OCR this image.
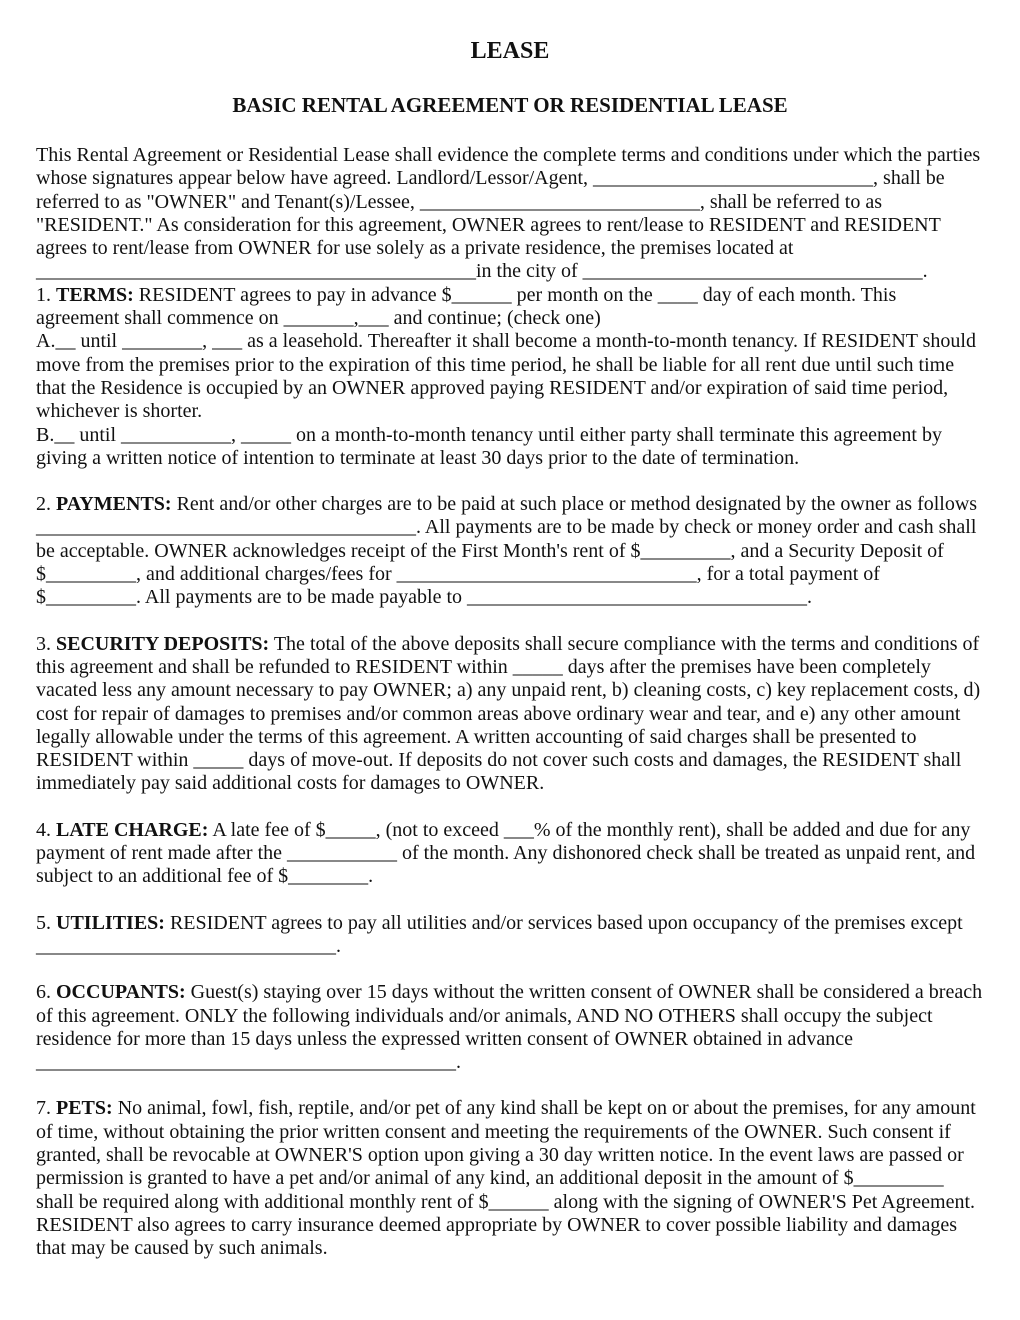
LEASE
BASIC RENTAL AGREEMENT OR RESIDENTIAL LEASE

This Rental Agreement or Residential Lease shall evidence the complete terms and conditions under which the parties whose signatures appear below have agreed. Landlord/Lessor/Agent, ____________________________, shall be referred to as "OWNER" and Tenant(s)/Lessee, ____________________________, shall be referred to as "RESIDENT." As consideration for this agreement, OWNER agrees to rent/lease to RESIDENT and RESIDENT agrees to rent/lease from OWNER for use solely as a private residence, the premises located at ____________________________________________in the city of __________________________________.

1. TERMS: RESIDENT agrees to pay in advance $______ per month on the ____ day of each month. This agreement shall commence on _______,___ and continue; (check one)

A.__ until ________, ___ as a leasehold. Thereafter it shall become a month-to-month tenancy. If RESIDENT should move from the premises prior to the expiration of this time period, he shall be liable for all rent due until such time that the Residence is occupied by an OWNER approved paying RESIDENT and/or expiration of said time period, whichever is shorter.

B.__ until ___________, _____ on a month-to-month tenancy until either party shall terminate this agreement by giving a written notice of intention to terminate at least 30 days prior to the date of termination.

2. PAYMENTS: Rent and/or other charges are to be paid at such place or method designated by the owner as follows ______________________________________. All payments are to be made by check or money order and cash shall be acceptable. OWNER acknowledges receipt of the First Month's rent of $_________, and a Security Deposit of $_________, and additional charges/fees for ______________________________, for a total payment of $_________. All payments are to be made payable to __________________________________.

3. SECURITY DEPOSITS: The total of the above deposits shall secure compliance with the terms and conditions of this agreement and shall be refunded to RESIDENT within _____ days after the premises have been completely vacated less any amount necessary to pay OWNER; a) any unpaid rent, b) cleaning costs, c) key replacement costs, d) cost for repair of damages to premises and/or common areas above ordinary wear and tear, and e) any other amount legally allowable under the terms of this agreement. A written accounting of said charges shall be presented to RESIDENT within _____ days of move-out. If deposits do not cover such costs and damages, the RESIDENT shall immediately pay said additional costs for damages to OWNER.

4. LATE CHARGE: A late fee of $_____, (not to exceed ___% of the monthly rent), shall be added and due for any payment of rent made after the ___________ of the month. Any dishonored check shall be treated as unpaid rent, and subject to an additional fee of $________.

5. UTILITIES: RESIDENT agrees to pay all utilities and/or services based upon occupancy of the premises except ______________________________.

6. OCCUPANTS: Guest(s) staying over 15 days without the written consent of OWNER shall be considered a breach of this agreement. ONLY the following individuals and/or animals, AND NO OTHERS shall occupy the subject residence for more than 15 days unless the expressed written consent of OWNER obtained in advance __________________________________________.

7. PETS: No animal, fowl, fish, reptile, and/or pet of any kind shall be kept on or about the premises, for any amount of time, without obtaining the prior written consent and meeting the requirements of the OWNER. Such consent if granted, shall be revocable at OWNER'S option upon giving a 30 day written notice. In the event laws are passed or permission is granted to have a pet and/or animal of any kind, an additional deposit in the amount of $_________ shall be required along with additional monthly rent of $______ along with the signing of OWNER'S Pet Agreement. RESIDENT also agrees to carry insurance deemed appropriate by OWNER to cover possible liability and damages that may be caused by such animals.
